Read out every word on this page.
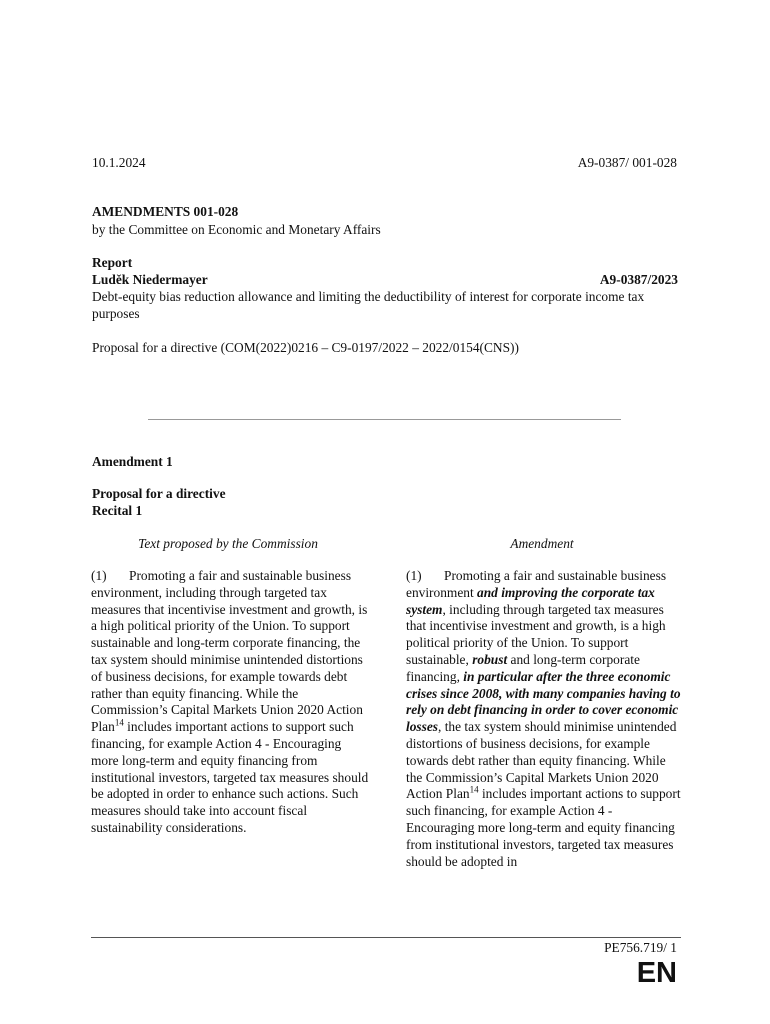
10.1.2024	A9-0387/ 001-028
AMENDMENTS 001-028
by the Committee on Economic and Monetary Affairs
Report
Luděk Niedermayer	A9-0387/2023
Debt-equity bias reduction allowance and limiting the deductibility of interest for corporate income tax purposes
Proposal for a directive (COM(2022)0216 – C9-0197/2022 – 2022/0154(CNS))
Amendment 1
Proposal for a directive
Recital 1
Text proposed by the Commission	Amendment

(1) Promoting a fair and sustainable business environment, including through targeted tax measures that incentivise investment and growth, is a high political priority of the Union. To support sustainable and long-term corporate financing, the tax system should minimise unintended distortions of business decisions, for example towards debt rather than equity financing. While the Commission’s Capital Markets Union 2020 Action Plan$^{14}$ includes important actions to support such financing, for example Action 4 - Encouraging more long-term and equity financing from institutional investors, targeted tax measures should be adopted in order to enhance such actions. Such measures should take into account fiscal sustainability considerations.

(1) Promoting a fair and sustainable business environment and improving the corporate tax system, including through targeted tax measures that incentivise investment and growth, is a high political priority of the Union. To support sustainable, robust and long-term corporate financing, in particular after the three economic crises since 2008, with many companies having to rely on debt financing in order to cover economic losses, the tax system should minimise unintended distortions of business decisions, for example towards debt rather than equity financing. While the Commission’s Capital Markets Union 2020 Action Plan$^{14}$ includes important actions to support such financing, for example Action 4 - Encouraging more long-term and equity financing from institutional investors, targeted tax measures should be adopted in

PE756.719/ 1
EN
